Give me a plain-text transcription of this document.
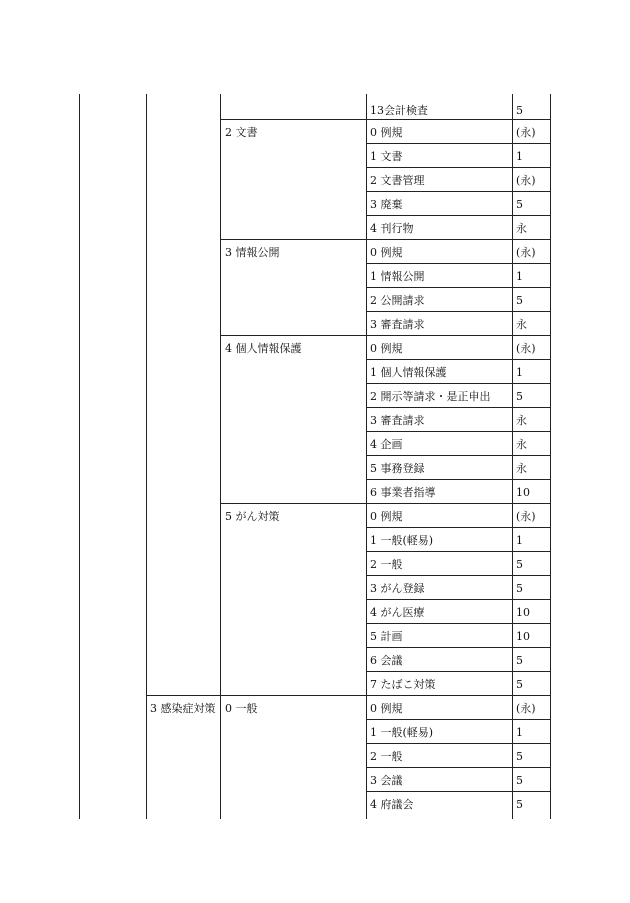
13会計検査	5
2 文書	0 例規	(永)
1 文書	1
2 文書管理	(永)
3 廃棄	5
4 刊行物	永
3 情報公開	0 例規	(永)
1 情報公開	1
2 公開請求	5
3 審査請求	永
4 個人情報保護	0 例規	(永)
1 個人情報保護	1
2 開示等請求・是正申出 5
3 審査請求	永
4 企画	永
5 事務登録	永
6 事業者指導	10
5 がん対策	0 例規	(永)
1 一般(軽易)	1
2 一般	5
3 がん登録	5
4 がん医療	10
5 計画	10
6 会議	5
7 たばこ対策	5
3 感染症対策 0 一般	0 例規	(永)
1 一般(軽易)	1
2 一般	5
3 会議	5
4 府議会	5
